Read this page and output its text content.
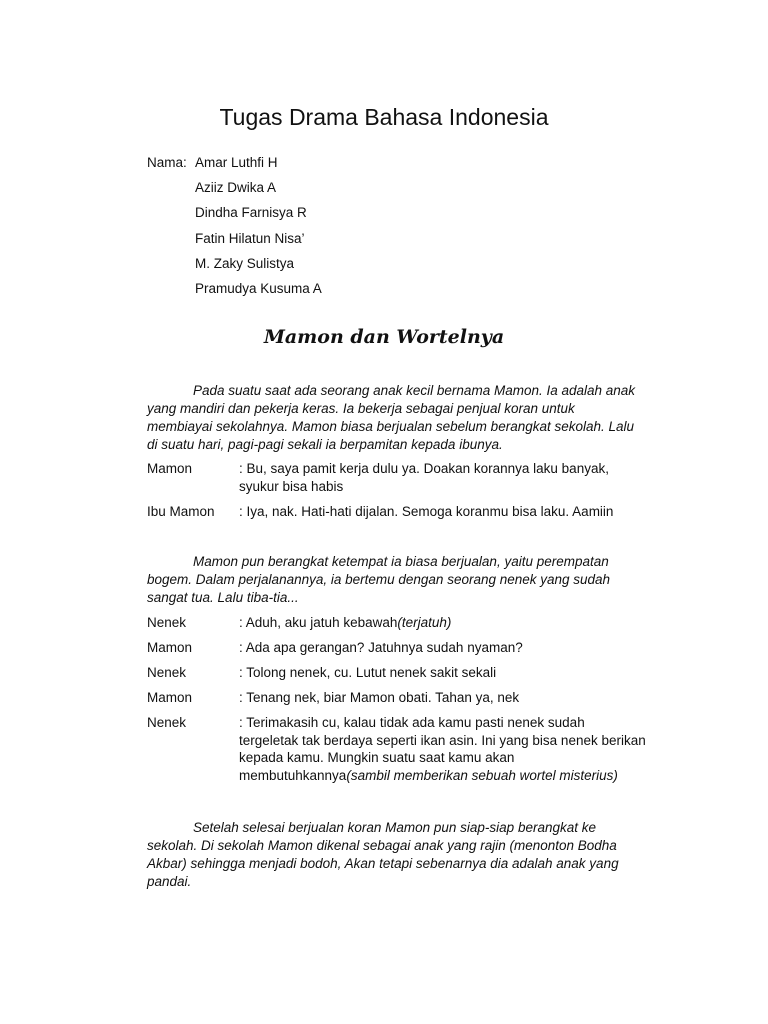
Tugas Drama Bahasa Indonesia
Nama: Amar Luthfi H
Aziiz Dwika A
Dindha Farnisya R
Fatin Hilatun Nisa’
M. Zaky Sulistya
Pramudya Kusuma A
Mamon dan Wortelnya

Pada suatu saat ada seorang anak kecil bernama Mamon. Ia adalah anak yang mandiri dan pekerja keras. Ia bekerja sebagai penjual koran untuk membiayai sekolahnya. Mamon biasa berjualan sebelum berangkat sekolah. Lalu di suatu hari, pagi-pagi sekali ia berpamitan kepada ibunya.

Mamon	: Bu, saya pamit kerja dulu ya. Doakan korannya laku banyak, syukur bisa habis
Ibu Mamon	: Iya, nak. Hati-hati dijalan. Semoga koranmu bisa laku. Aamiin

Mamon pun berangkat ketempat ia biasa berjualan, yaitu perempatan bogem. Dalam perjalanannya, ia bertemu dengan seorang nenek yang sudah sangat tua. Lalu tiba-tia...

Nenek	: Aduh, aku jatuh kebawah(terjatuh)
Mamon	: Ada apa gerangan? Jatuhnya sudah nyaman?
Nenek	: Tolong nenek, cu. Lutut nenek sakit sekali
Mamon	: Tenang nek, biar Mamon obati. Tahan ya, nek
Nenek	: Terimakasih cu, kalau tidak ada kamu pasti nenek sudah tergeletak tak berdaya seperti ikan asin. Ini yang bisa nenek berikan kepada kamu. Mungkin suatu saat kamu akan membutuhkannya(sambil memberikan sebuah wortel misterius)

Setelah selesai berjualan koran Mamon pun siap-siap berangkat ke sekolah. Di sekolah Mamon dikenal sebagai anak yang rajin (menonton Bodha Akbar) sehingga menjadi bodoh, Akan tetapi sebenarnya dia adalah anak yang pandai.
